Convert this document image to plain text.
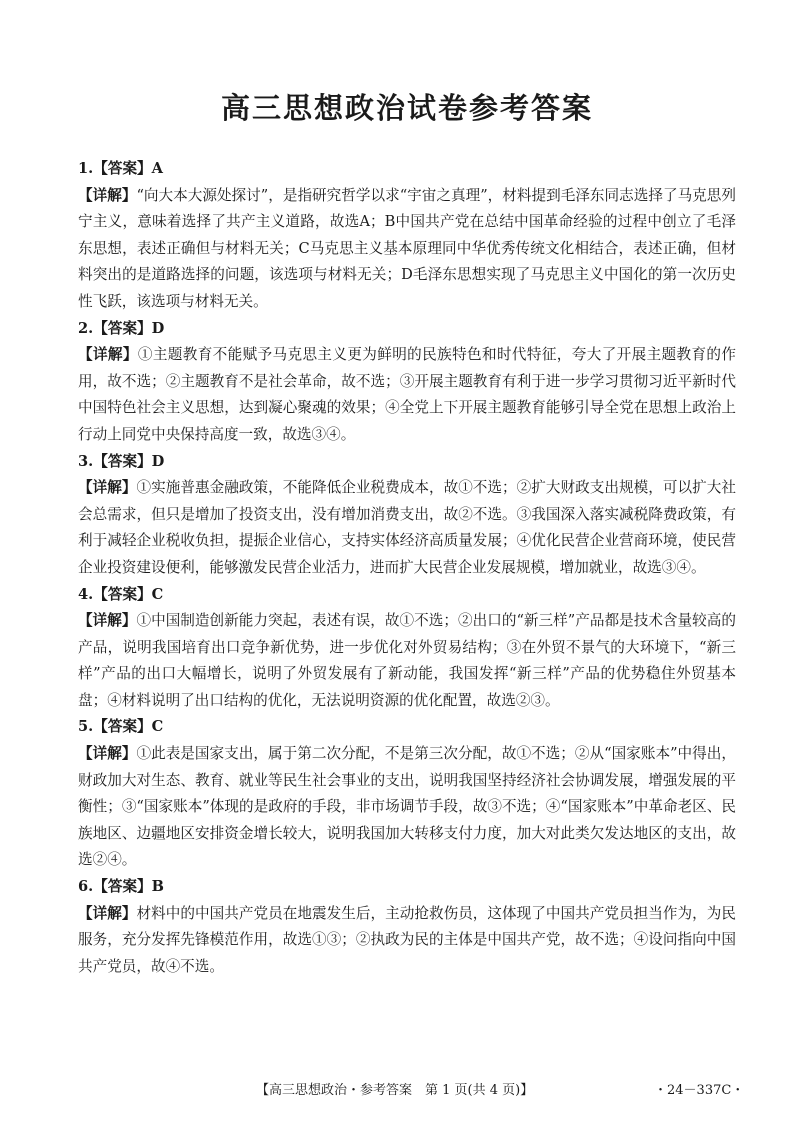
高三思想政治试卷参考答案

1.【答案】A

【详解】“向大本大源处探讨”，是指研究哲学以求“宇宙之真理”，材料提到毛泽东同志选择了马克思列宁主义，意味着选择了共产主义道路，故选A；B中国共产党在总结中国革命经验的过程中创立了毛泽东思想，表述正确但与材料无关；C马克思主义基本原理同中华优秀传统文化相结合，表述正确，但材料突出的是道路选择的问题，该选项与材料无关；D毛泽东思想实现了马克思主义中国化的第一次历史性飞跃，该选项与材料无关。

2.【答案】D

【详解】①主题教育不能赋予马克思主义更为鲜明的民族特色和时代特征，夸大了开展主题教育的作用，故不选；②主题教育不是社会革命，故不选；③开展主题教育有利于进一步学习贯彻习近平新时代中国特色社会主义思想，达到凝心聚魂的效果；④全党上下开展主题教育能够引导全党在思想上政治上行动上同党中央保持高度一致，故选③④。

3.【答案】D

【详解】①实施普惠金融政策，不能降低企业税费成本，故①不选；②扩大财政支出规模，可以扩大社会总需求，但只是增加了投资支出，没有增加消费支出，故②不选。③我国深入落实减税降费政策，有利于减轻企业税收负担，提振企业信心，支持实体经济高质量发展；④优化民营企业营商环境，使民营企业投资建设便利，能够激发民营企业活力，进而扩大民营企业发展规模，增加就业，故选③④。

4.【答案】C

【详解】①中国制造创新能力突起，表述有误，故①不选；②出口的“新三样”产品都是技术含量较高的产品，说明我国培育出口竞争新优势，进一步优化对外贸易结构；③在外贸不景气的大环境下，“新三样”产品的出口大幅增长，说明了外贸发展有了新动能，我国发挥“新三样”产品的优势稳住外贸基本盘；④材料说明了出口结构的优化，无法说明资源的优化配置，故选②③。

5.【答案】C

【详解】①此表是国家支出，属于第二次分配，不是第三次分配，故①不选；②从“国家账本”中得出，财政加大对生态、教育、就业等民生社会事业的支出，说明我国坚持经济社会协调发展，增强发展的平衡性；③“国家账本”体现的是政府的手段，非市场调节手段，故③不选；④“国家账本”中革命老区、民族地区、边疆地区安排资金增长较大，说明我国加大转移支付力度，加大对此类欠发达地区的支出，故选②④。

6.【答案】B

【详解】材料中的中国共产党员在地震发生后，主动抢救伤员，这体现了中国共产党员担当作为，为民服务，充分发挥先锋模范作用，故选①③；②执政为民的主体是中国共产党，故不选；④设问指向中国共产党员，故④不选。

【高三思想政治・参考答案　第 1 页(共 4 页)】	・24－337C・
